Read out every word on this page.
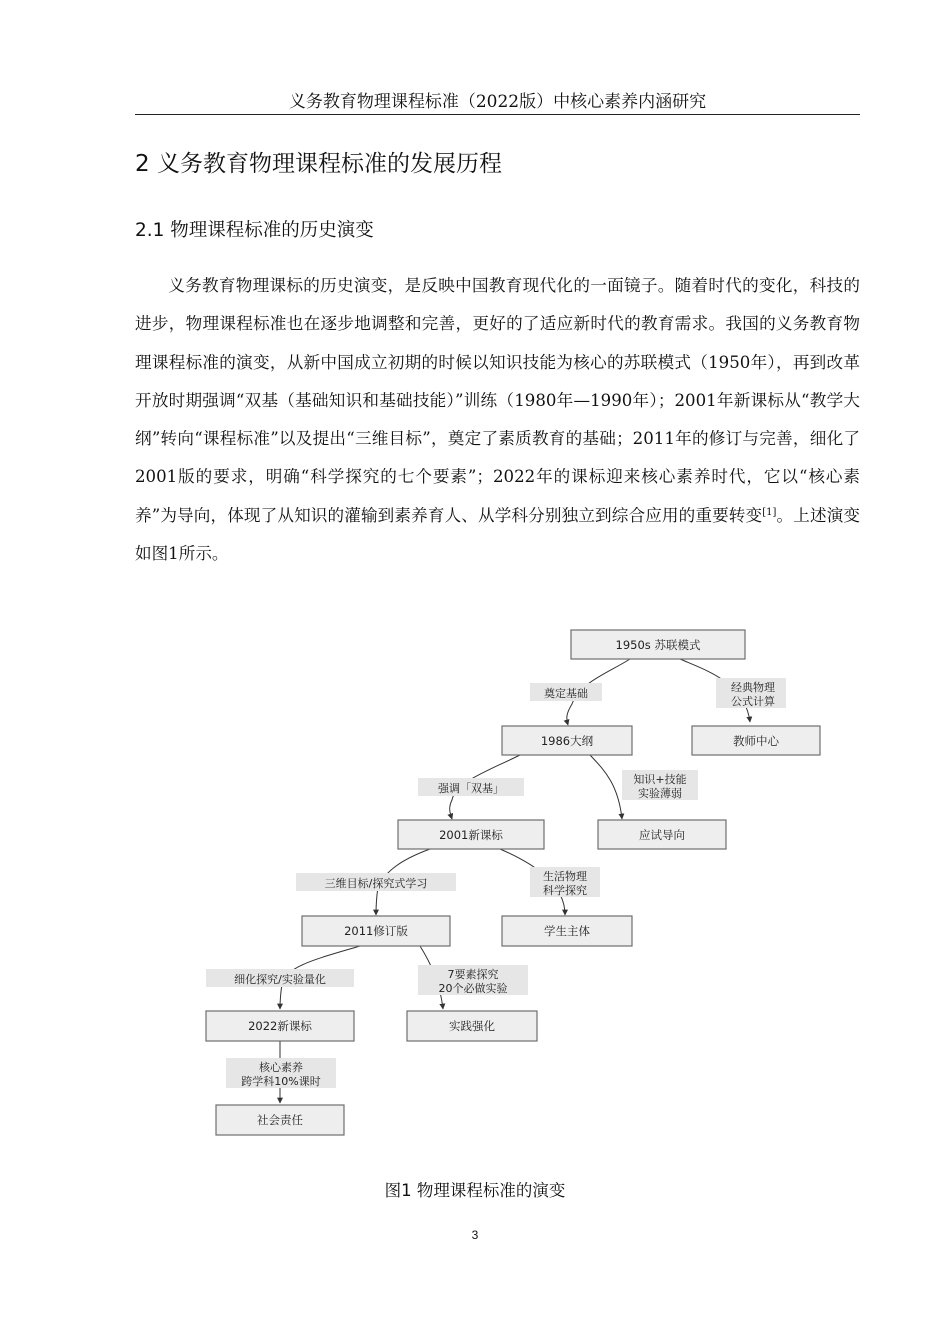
义务教育物理课程标准（2022版）中核心素养内涵研究
2 义务教育物理课程标准的发展历程
2.1 物理课程标准的历史演变

义务教育物理课标的历史演变，是反映中国教育现代化的一面镜子。随着时代的变化，科技的进步，物理课程标准也在逐步地调整和完善，更好的了适应新时代的教育需求。我国的义务教育物理课程标准的演变，从新中国成立初期的时候以知识技能为核心的苏联模式（1950年），再到改革开放时期强调“双基（基础知识和基础技能）”训练（1980年—1990年）；2001年新课标从“教学大纲”转向“课程标准”以及提出“三维目标”，奠定了素质教育的基础；2011年的修订与完善，细化了2001版的要求，明确“科学探究的七个要素”；2022年的课标迎来核心素养时代，它以“核心素养”为导向，体现了从知识的灌输到素养育人、从学科分别独立到综合应用的重要转变[1]。上述演变如图1所示。

奠定基础	经典物理
公式计算
强调「双基」
知识+技能
实验薄弱
三维目标/探究式学习
生活物理
科学探究
细化探究/实验量化	7要素探究
20个必做实验
核心素养
跨学科10%课时
1950s 苏联模式
1986大纲	教师中心
2001新课标	应试导向
2011修订版	学生主体
2022新课标	实践强化
社会责任
图1 物理课程标准的演变
3
